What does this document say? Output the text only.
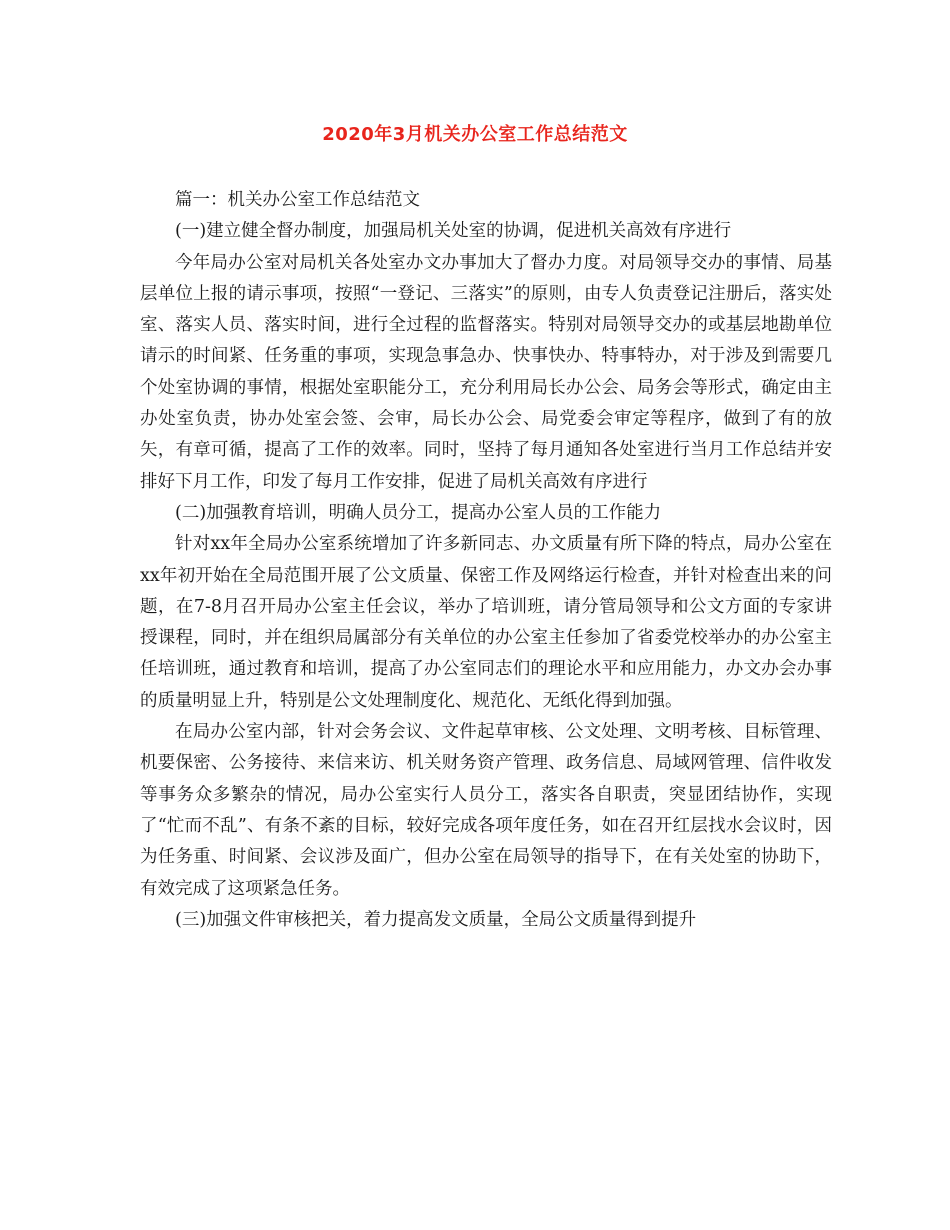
2020年3月机关办公室工作总结范文

篇一：机关办公室工作总结范文

(一)建立健全督办制度，加强局机关处室的协调，促进机关高效有序进行

今年局办公室对局机关各处室办文办事加大了督办力度。对局领导交办的事情、局基层单位上报的请示事项，按照“一登记、三落实”的原则，由专人负责登记注册后，落实处室、落实人员、落实时间，进行全过程的监督落实。特别对局领导交办的或基层地勘单位请示的时间紧、任务重的事项，实现急事急办、快事快办、特事特办，对于涉及到需要几个处室协调的事情，根据处室职能分工，充分利用局长办公会、局务会等形式，确定由主办处室负责，协办处室会签、会审，局长办公会、局党委会审定等程序，做到了有的放矢，有章可循，提高了工作的效率。同时，坚持了每月通知各处室进行当月工作总结并安排好下月工作，印发了每月工作安排，促进了局机关高效有序进行

(二)加强教育培训，明确人员分工，提高办公室人员的工作能力

针对xx年全局办公室系统增加了许多新同志、办文质量有所下降的特点，局办公室在xx年初开始在全局范围开展了公文质量、保密工作及网络运行检查，并针对检查出来的问题，在7-8月召开局办公室主任会议，举办了培训班，请分管局领导和公文方面的专家讲授课程，同时，并在组织局属部分有关单位的办公室主任参加了省委党校举办的办公室主任培训班，通过教育和培训，提高了办公室同志们的理论水平和应用能力，办文办会办事的质量明显上升，特别是公文处理制度化、规范化、无纸化得到加强。

在局办公室内部，针对会务会议、文件起草审核、公文处理、文明考核、目标管理、机要保密、公务接待、来信来访、机关财务资产管理、政务信息、局域网管理、信件收发等事务众多繁杂的情况，局办公室实行人员分工，落实各自职责，突显团结协作，实现了“忙而不乱”、有条不紊的目标，较好完成各项年度任务，如在召开红层找水会议时，因为任务重、时间紧、会议涉及面广，但办公室在局领导的指导下，在有关处室的协助下，有效完成了这项紧急任务。

(三)加强文件审核把关，着力提高发文质量，全局公文质量得到提升
